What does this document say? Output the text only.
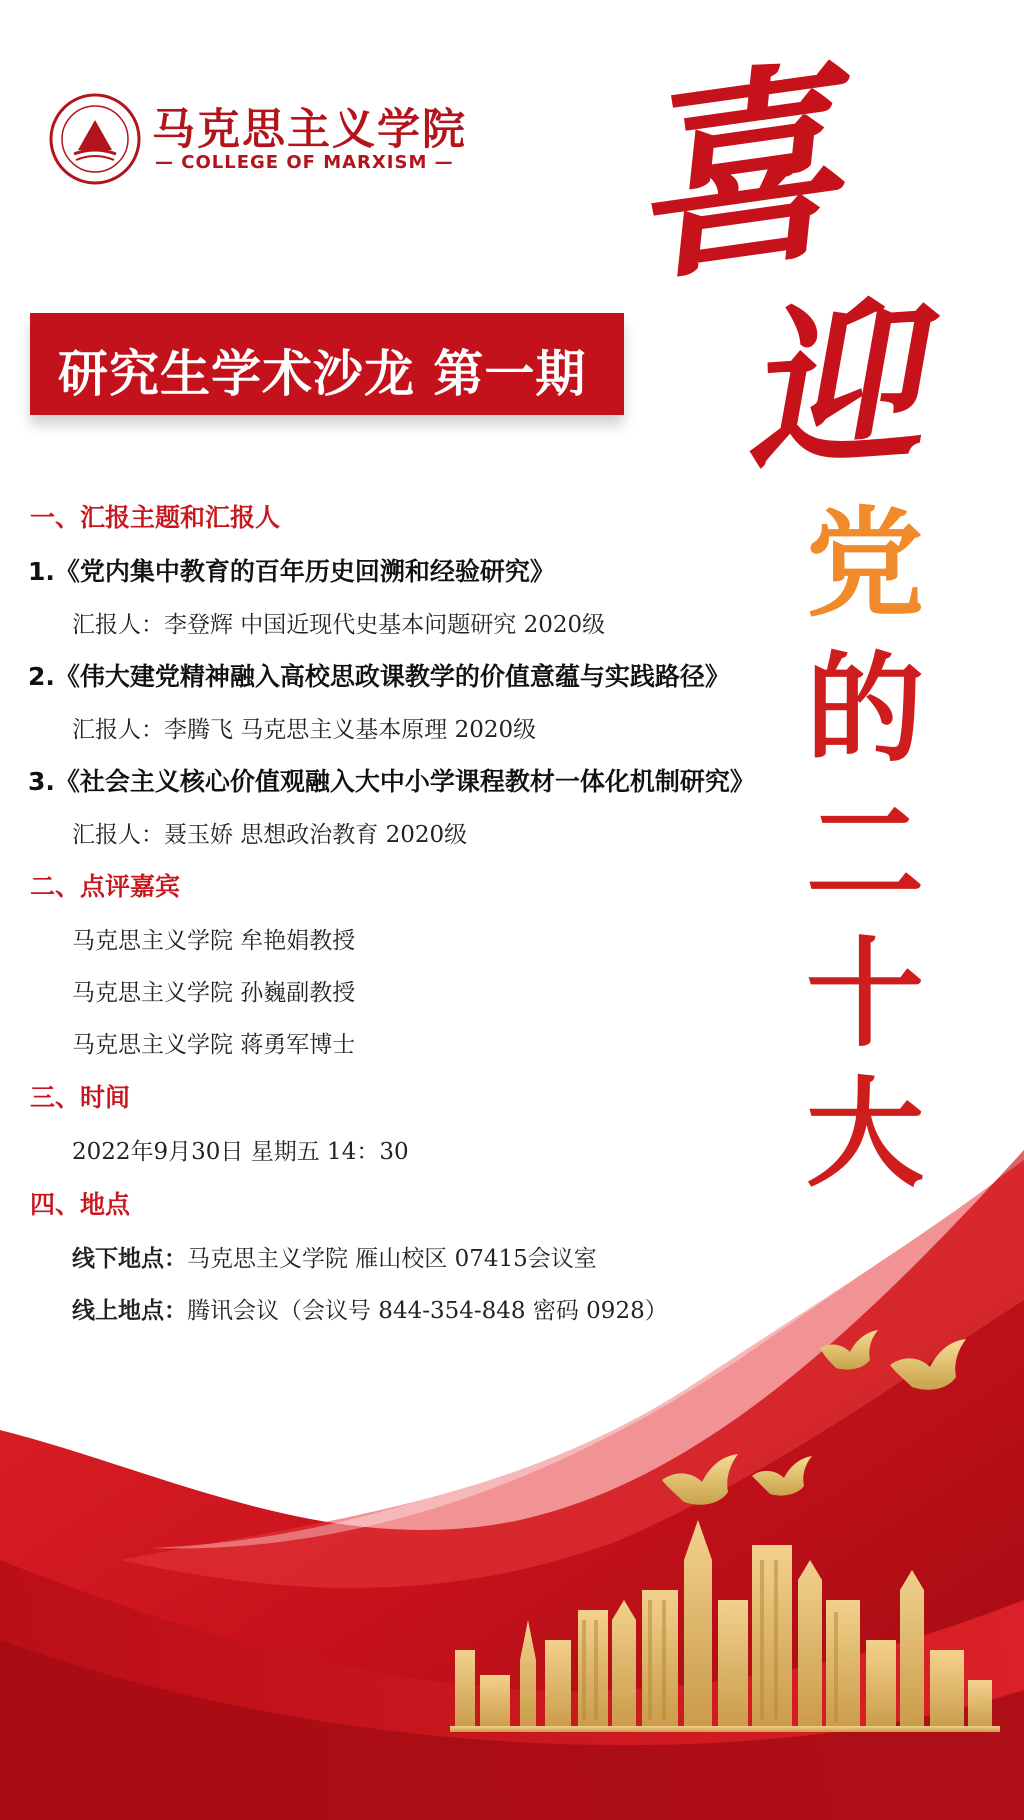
马克思主义学院
— COLLEGE OF MARXISM —
研究生学术沙龙 第一期
喜
迎
党
的
二
十
大
一、汇报主题和汇报人
1.《党内集中教育的百年历史回溯和经验研究》
汇报人：李登辉 中国近现代史基本问题研究 2020级
2.《伟大建党精神融入高校思政课教学的价值意蕴与实践路径》
汇报人：李腾飞 马克思主义基本原理 2020级
3.《社会主义核心价值观融入大中小学课程教材一体化机制研究》
汇报人：聂玉娇 思想政治教育 2020级
二、点评嘉宾
马克思主义学院 牟艳娟教授
马克思主义学院 孙巍副教授
马克思主义学院 蒋勇军博士
三、时间
2022年9月30日 星期五 14：30
四、地点
线下地点：马克思主义学院 雁山校区 07415会议室
线上地点：腾讯会议（会议号 844-354-848 密码 0928）
